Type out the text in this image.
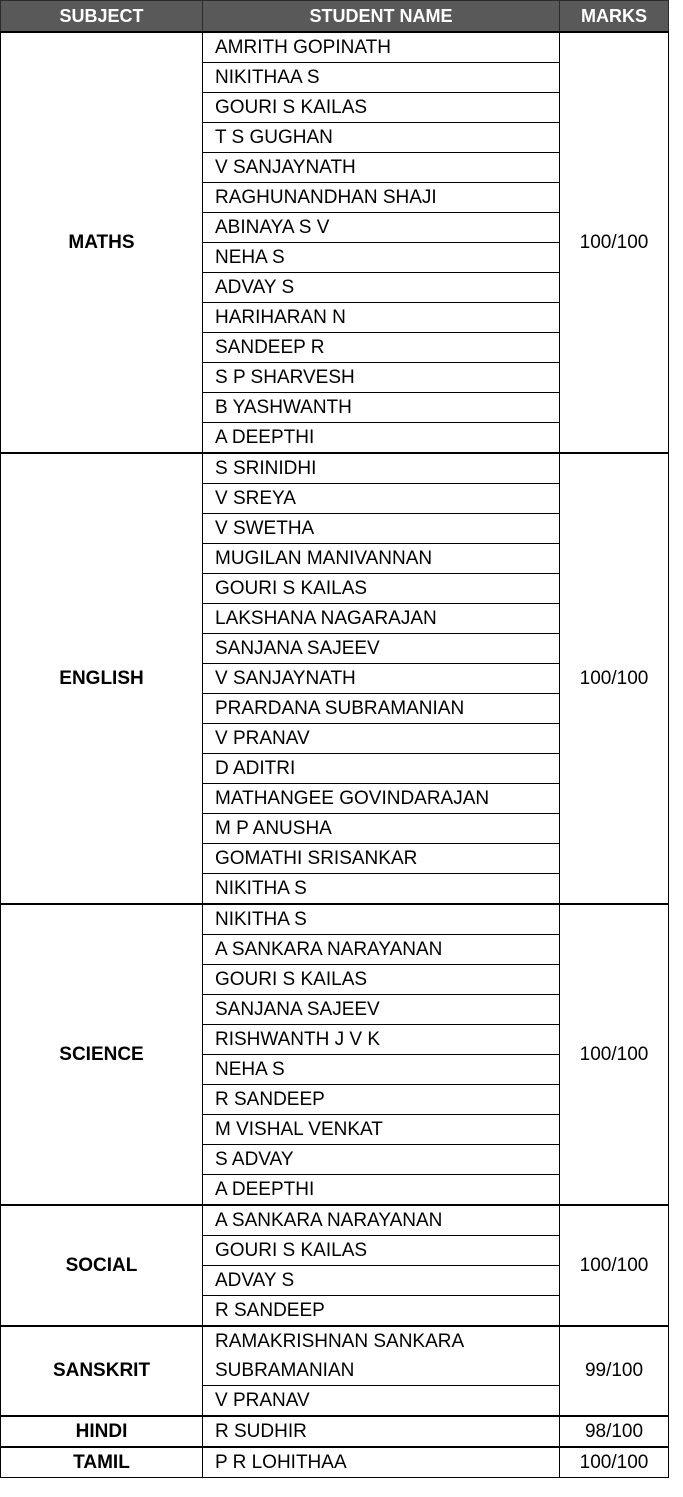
SUBJECT	STUDENT NAME	MARKS
MATHS	AMRITH GOPINATH	100/100
	NIKITHAA S	
	GOURI S KAILAS	
	T S GUGHAN	
	V SANJAYNATH	
	RAGHUNANDHAN SHAJI	
	ABINAYA S V	
	NEHA S	
	ADVAY S	
	HARIHARAN N	
	SANDEEP R	
	S P SHARVESH	
	B YASHWANTH	
	A DEEPTHI	
ENGLISH	S SRINIDHI	100/100
	V SREYA	
	V SWETHA	
	MUGILAN MANIVANNAN	
	GOURI S KAILAS	
	LAKSHANA NAGARAJAN	
	SANJANA SAJEEV	
	V SANJAYNATH	
	PRARDANA SUBRAMANIAN	
	V PRANAV	
	D ADITRI	
	MATHANGEE GOVINDARAJAN	
	M P ANUSHA	
	GOMATHI SRISANKAR	
	NIKITHA S	
SCIENCE	NIKITHA S	100/100
	A SANKARA NARAYANAN	
	GOURI S KAILAS	
	SANJANA SAJEEV	
	RISHWANTH J V K	
	NEHA S	
	R SANDEEP	
	M VISHAL VENKAT	
	S ADVAY	
	A DEEPTHI	
SOCIAL	A SANKARA NARAYANAN	100/100
	GOURI S KAILAS	
	ADVAY S	
	R SANDEEP	
SANSKRIT	RAMAKRISHNAN SANKARA SUBRAMANIAN	99/100
	V PRANAV	
HINDI	R SUDHIR	98/100
TAMIL	P R LOHITHAA	100/100
